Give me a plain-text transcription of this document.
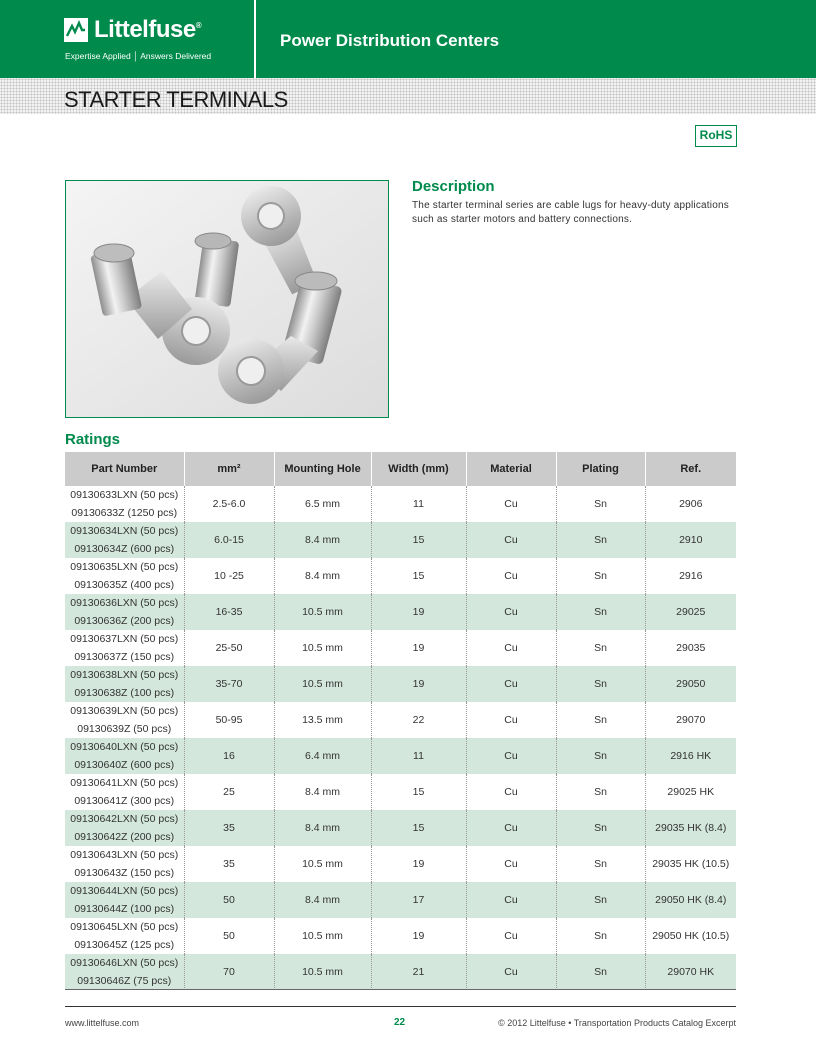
Littelfuse®
Expertise Applied │ Answers Delivered
Power Distribution Centers
STARTER TERMINALS
RoHS
Description
The starter terminal series are cable lugs for heavy-duty applications such as starter motors and battery connections.
Ratings
Part Number	mm²	Mounting Hole	Width (mm)	Material	Plating	Ref.

09130633LXN (50 pcs)
09130633Z (1250 pcs)	2.5-6.0	6.5 mm	11	Cu	Sn	2906

09130634LXN (50 pcs)
09130634Z (600 pcs)	6.0-15	8.4 mm	15	Cu	Sn	2910

09130635LXN (50 pcs)
09130635Z (400 pcs)	10 -25	8.4 mm	15	Cu	Sn	2916

09130636LXN (50 pcs)
09130636Z (200 pcs)	16-35	10.5 mm	19	Cu	Sn	29025

09130637LXN (50 pcs)
09130637Z (150 pcs)	25-50	10.5 mm	19	Cu	Sn	29035

09130638LXN (50 pcs)
09130638Z (100 pcs)	35-70	10.5 mm	19	Cu	Sn	29050

09130639LXN (50 pcs)
09130639Z (50 pcs)	50-95	13.5 mm	22	Cu	Sn	29070

09130640LXN (50 pcs)
09130640Z (600 pcs)	16	6.4 mm	11	Cu	Sn	2916 HK

09130641LXN (50 pcs)
09130641Z (300 pcs)	25	8.4 mm	15	Cu	Sn	29025 HK

09130642LXN (50 pcs)
09130642Z (200 pcs)	35	8.4 mm	15	Cu	Sn	29035 HK (8.4)

09130643LXN (50 pcs)
09130643Z (150 pcs)	35	10.5 mm	19	Cu	Sn	29035 HK (10.5)

09130644LXN (50 pcs)
09130644Z (100 pcs)	50	8.4 mm	17	Cu	Sn	29050 HK (8.4)

09130645LXN (50 pcs)
09130645Z (125 pcs)	50	10.5 mm	19	Cu	Sn	29050 HK (10.5)

09130646LXN (50 pcs)
09130646Z (75 pcs)	70	10.5 mm	21	Cu	Sn	29070 HK
www.littelfuse.com	22	© 2012 Littelfuse • Transportation Products Catalog Excerpt
